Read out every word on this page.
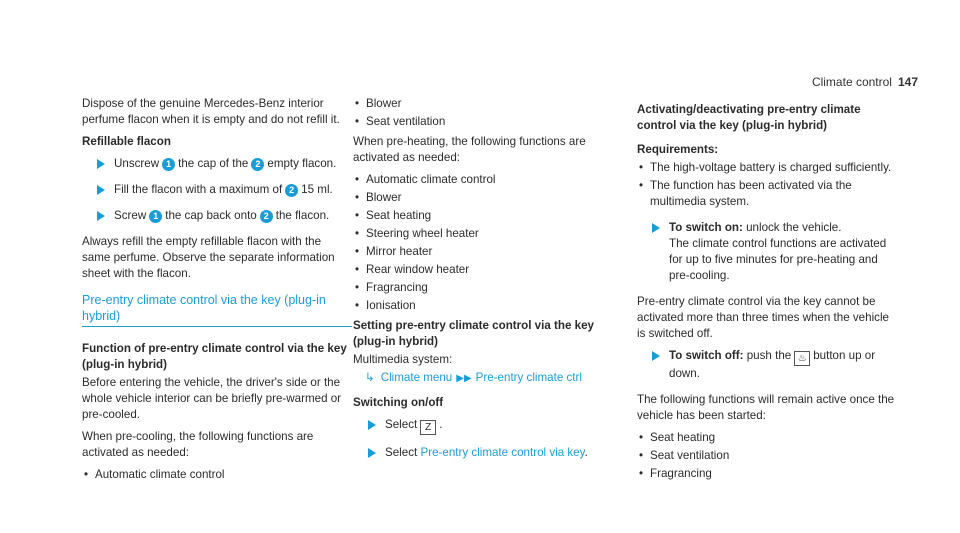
Climate control 147

Dispose of the genuine Mercedes-Benz interior perfume flacon when it is empty and do not refill it.

Refillable flacon
Unscrew 1 the cap of the 2 empty flacon.
Fill the flacon with a maximum of 2 15 ml.
Screw 1 the cap back onto 2 the flacon.

Always refill the empty refillable flacon with the same perfume. Observe the separate information sheet with the flacon.

Pre-entry climate control via the key (plug-in hybrid)
Function of pre-entry climate control via the key (plug-in hybrid)

Before entering the vehicle, the driver's side or the whole vehicle interior can be briefly pre-warmed or pre-cooled.

When pre-cooling, the following functions are activated as needed:

• Automatic climate control
• Blower
• Seat ventilation

When pre-heating, the following functions are activated as needed:

• Automatic climate control
• Blower
• Seat heating
• Steering wheel heater
• Mirror heater
• Rear window heater
• Fragrancing
• Ionisation
Setting pre-entry climate control via the key (plug-in hybrid)
Multimedia system:
↳ Climate menu ▶▶ Pre-entry climate ctrl
Switching on/off
Select Z .
Select Pre-entry climate control via key.
Activating/deactivating pre-entry climate control via the key (plug-in hybrid)
Requirements:
• The high-voltage battery is charged sufficiently.
• The function has been activated via the multimedia system.
To switch on: unlock the vehicle.
The climate control functions are activated for up to five minutes for pre-heating and pre-cooling.

Pre-entry climate control via the key cannot be activated more than three times when the vehicle is switched off.

To switch off: push the ♨ button up or down.

The following functions will remain active once the vehicle has been started:

• Seat heating
• Seat ventilation
• Fragrancing
